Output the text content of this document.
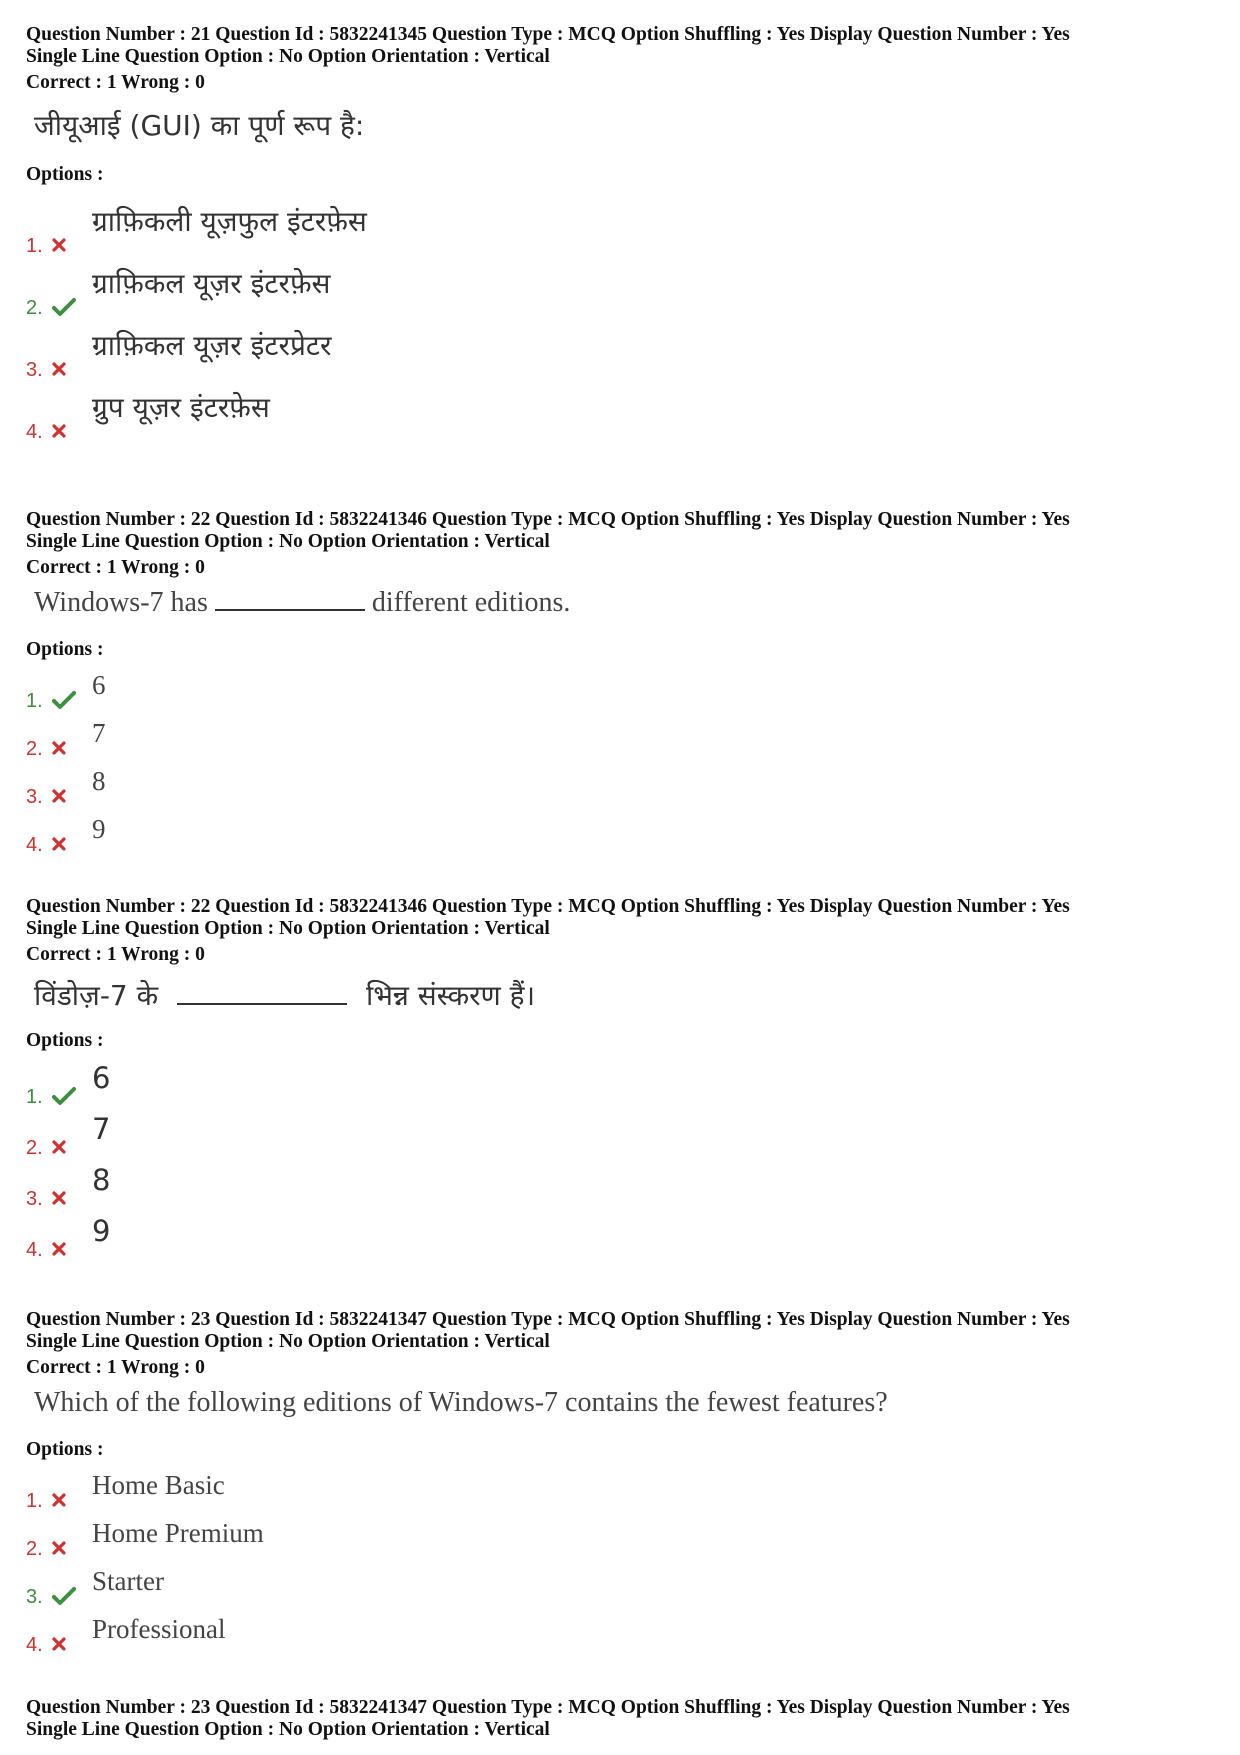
Question Number : 21 Question Id : 5832241345 Question Type : MCQ Option Shuffling : Yes Display Question Number : Yes
Single Line Question Option : No Option Orientation : Vertical
Correct : 1 Wrong : 0
जीयूआई (GUI) का पूर्ण रूप है:
Options :
1.
ग्राफ़िकली यूज़फुल इंटरफ़ेस
2.
ग्राफ़िकल यूज़र इंटरफ़ेस
3.
ग्राफ़िकल यूज़र इंटरप्रेटर
4.
ग्रुप यूज़र इंटरफ़ेस
Question Number : 22 Question Id : 5832241346 Question Type : MCQ Option Shuffling : Yes Display Question Number : Yes
Single Line Question Option : No Option Orientation : Vertical
Correct : 1 Wrong : 0
Windows-7 has	different editions.
Options :
1.
6
2.
7
3.
8
4.
9
Question Number : 22 Question Id : 5832241346 Question Type : MCQ Option Shuffling : Yes Display Question Number : Yes
Single Line Question Option : No Option Orientation : Vertical
Correct : 1 Wrong : 0
विंडोज़-7 के	भिन्न संस्करण हैं।
Options :
1.
6
2.
7
3.
8
4.
9
Question Number : 23 Question Id : 5832241347 Question Type : MCQ Option Shuffling : Yes Display Question Number : Yes
Single Line Question Option : No Option Orientation : Vertical
Correct : 1 Wrong : 0
Which of the following editions of Windows-7 contains the fewest features?
Options :
1.
Home Basic
2.
Home Premium
3.
Starter
4.
Professional
Question Number : 23 Question Id : 5832241347 Question Type : MCQ Option Shuffling : Yes Display Question Number : Yes
Single Line Question Option : No Option Orientation : Vertical
